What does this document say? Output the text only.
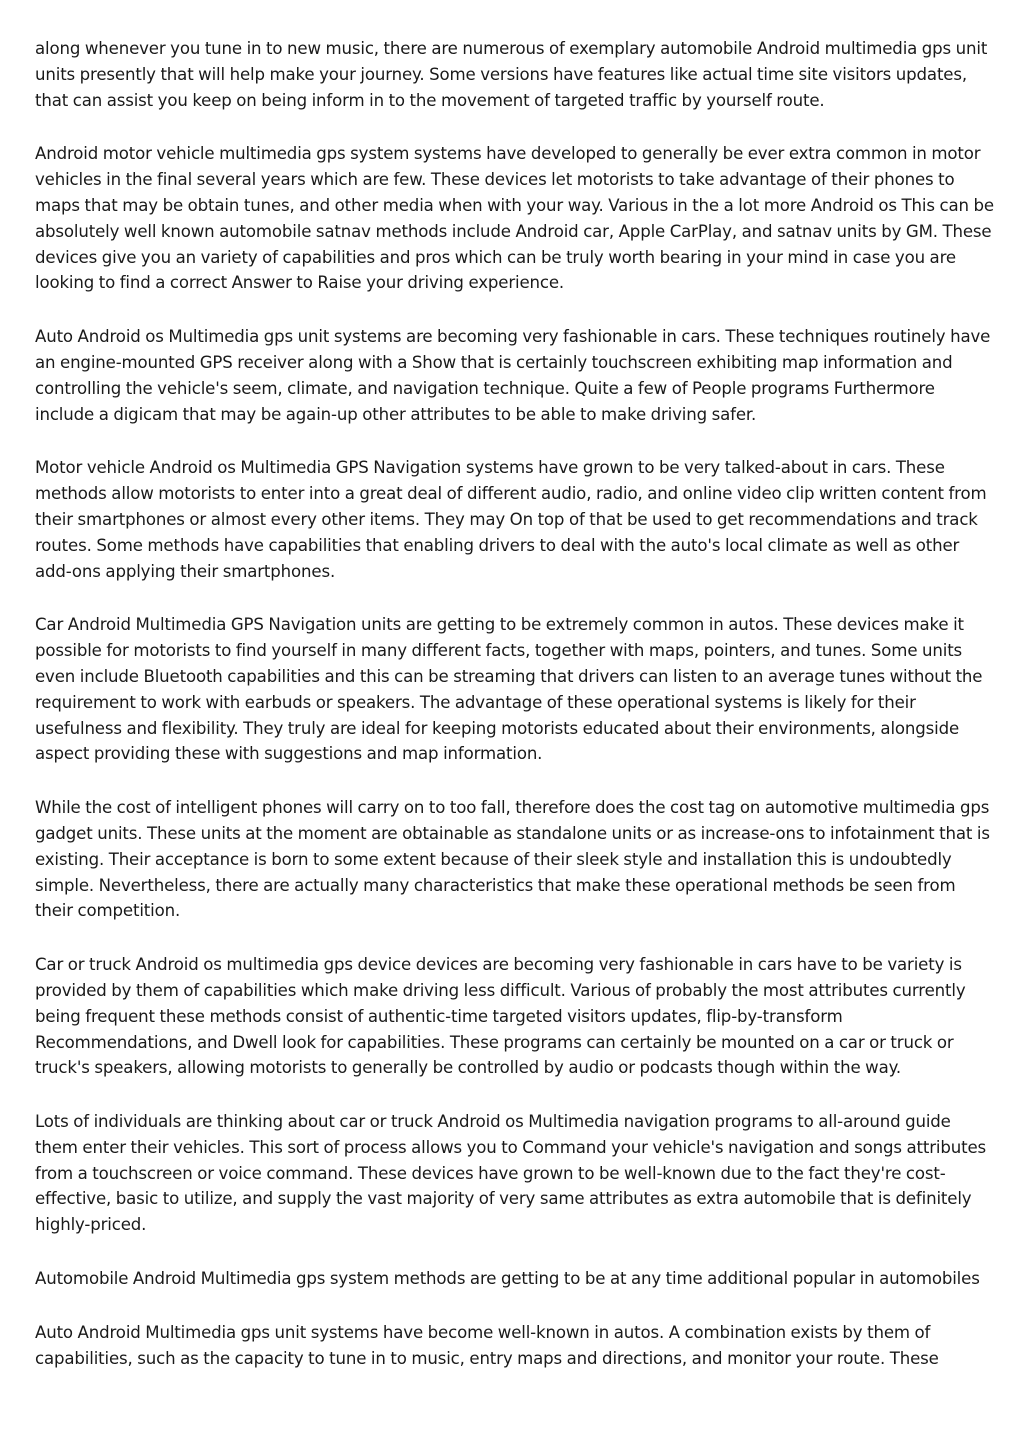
along whenever you tune in to new music, there are numerous of exemplary automobile Android multimedia gps unit units presently that will help make your journey. Some versions have features like actual time site visitors updates, that can assist you keep on being inform in to the movement of targeted traffic by yourself route.

Android motor vehicle multimedia gps system systems have developed to generally be ever extra common in motor vehicles in the final several years which are few. These devices let motorists to take advantage of their phones to maps that may be obtain tunes, and other media when with your way. Various in the a lot more Android os This can be absolutely well known automobile satnav methods include Android car, Apple CarPlay, and satnav units by GM. These devices give you an variety of capabilities and pros which can be truly worth bearing in your mind in case you are looking to find a correct Answer to Raise your driving experience.

Auto Android os Multimedia gps unit systems are becoming very fashionable in cars. These techniques routinely have an engine-mounted GPS receiver along with a Show that is certainly touchscreen exhibiting map information and controlling the vehicle's seem, climate, and navigation technique. Quite a few of People programs Furthermore include a digicam that may be again-up other attributes to be able to make driving safer.

Motor vehicle Android os Multimedia GPS Navigation systems have grown to be very talked-about in cars. These methods allow motorists to enter into a great deal of different audio, radio, and online video clip written content from their smartphones or almost every other items. They may On top of that be used to get recommendations and track routes. Some methods have capabilities that enabling drivers to deal with the auto's local climate as well as other add-ons applying their smartphones.

Car Android Multimedia GPS Navigation units are getting to be extremely common in autos. These devices make it possible for motorists to find yourself in many different facts, together with maps, pointers, and tunes. Some units even include Bluetooth capabilities and this can be streaming that drivers can listen to an average tunes without the requirement to work with earbuds or speakers. The advantage of these operational systems is likely for their usefulness and flexibility. They truly are ideal for keeping motorists educated about their environments, alongside aspect providing these with suggestions and map information.

While the cost of intelligent phones will carry on to too fall, therefore does the cost tag on automotive multimedia gps gadget units. These units at the moment are obtainable as standalone units or as increase-ons to infotainment that is existing. Their acceptance is born to some extent because of their sleek style and installation this is undoubtedly simple. Nevertheless, there are actually many characteristics that make these operational methods be seen from their competition.

Car or truck Android os multimedia gps device devices are becoming very fashionable in cars have to be variety is provided by them of capabilities which make driving less difficult. Various of probably the most attributes currently being frequent these methods consist of authentic-time targeted visitors updates, flip-by-transform Recommendations, and Dwell look for capabilities. These programs can certainly be mounted on a car or truck or truck's speakers, allowing motorists to generally be controlled by audio or podcasts though within the way.

Lots of individuals are thinking about car or truck Android os Multimedia navigation programs to all-around guide them enter their vehicles. This sort of process allows you to Command your vehicle's navigation and songs attributes from a touchscreen or voice command. These devices have grown to be well-known due to the fact they're cost-effective, basic to utilize, and supply the vast majority of very same attributes as extra automobile that is definitely highly-priced.

Automobile Android Multimedia gps system methods are getting to be at any time additional popular in automobiles

Auto Android Multimedia gps unit systems have become well-known in autos. A combination exists by them of capabilities, such as the capacity to tune in to music, entry maps and directions, and monitor your route. These
